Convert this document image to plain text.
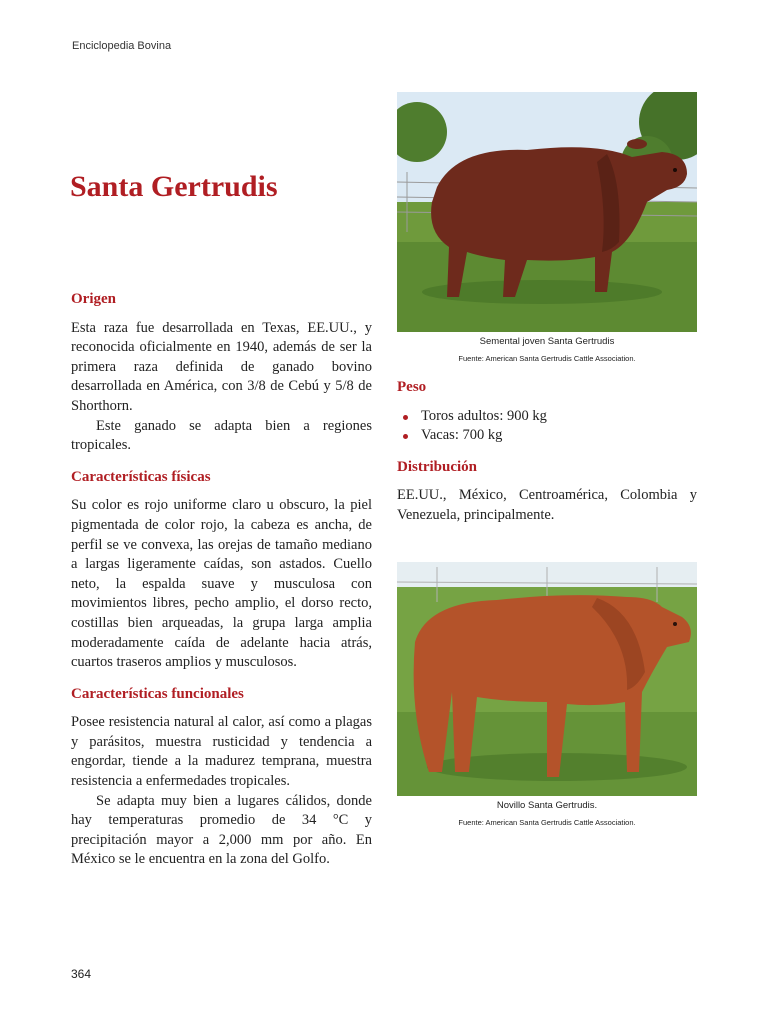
Enciclopedia Bovina
Santa Gertrudis
Origen

Esta raza fue desarrollada en Texas, EE.UU., y reconocida oficialmente en 1940, además de ser la primera raza definida de ganado bovino desarrollada en América, con 3/8 de Cebú y 5/8 de Shorthorn.

Este ganado se adapta bien a regiones tropicales.

Características físicas

Su color es rojo uniforme claro u obscuro, la piel pigmentada de color rojo, la cabeza es ancha, de perfil se ve convexa, las orejas de tamaño mediano a largas ligeramente caídas, son astados. Cuello neto, la espalda suave y musculosa con movimientos libres, pecho amplio, el dorso recto, costillas bien arqueadas, la grupa larga amplia moderadamente caída de adelante hacia atrás, cuartos traseros amplios y musculosos.

Características funcionales

Posee resistencia natural al calor, así como a plagas y parásitos, muestra rusticidad y tendencia a engordar, tiende a la madurez temprana, muestra resistencia a enfermedades tropicales.

Se adapta muy bien a lugares cálidos, donde hay temperaturas promedio de 34 °C y precipitación mayor a 2,000 mm por año. En México se le encuentra en la zona del Golfo.

Semental joven Santa Gertrudis
Fuente: American Santa Gertrudis Cattle Association.
Peso
Toros adultos: 900 kg
Vacas: 700 kg
Distribución

EE.UU., México, Centroamérica, Colombia y Venezuela, principalmente.

Novillo Santa Gertrudis.
Fuente: American Santa Gertrudis Cattle Association.
364
